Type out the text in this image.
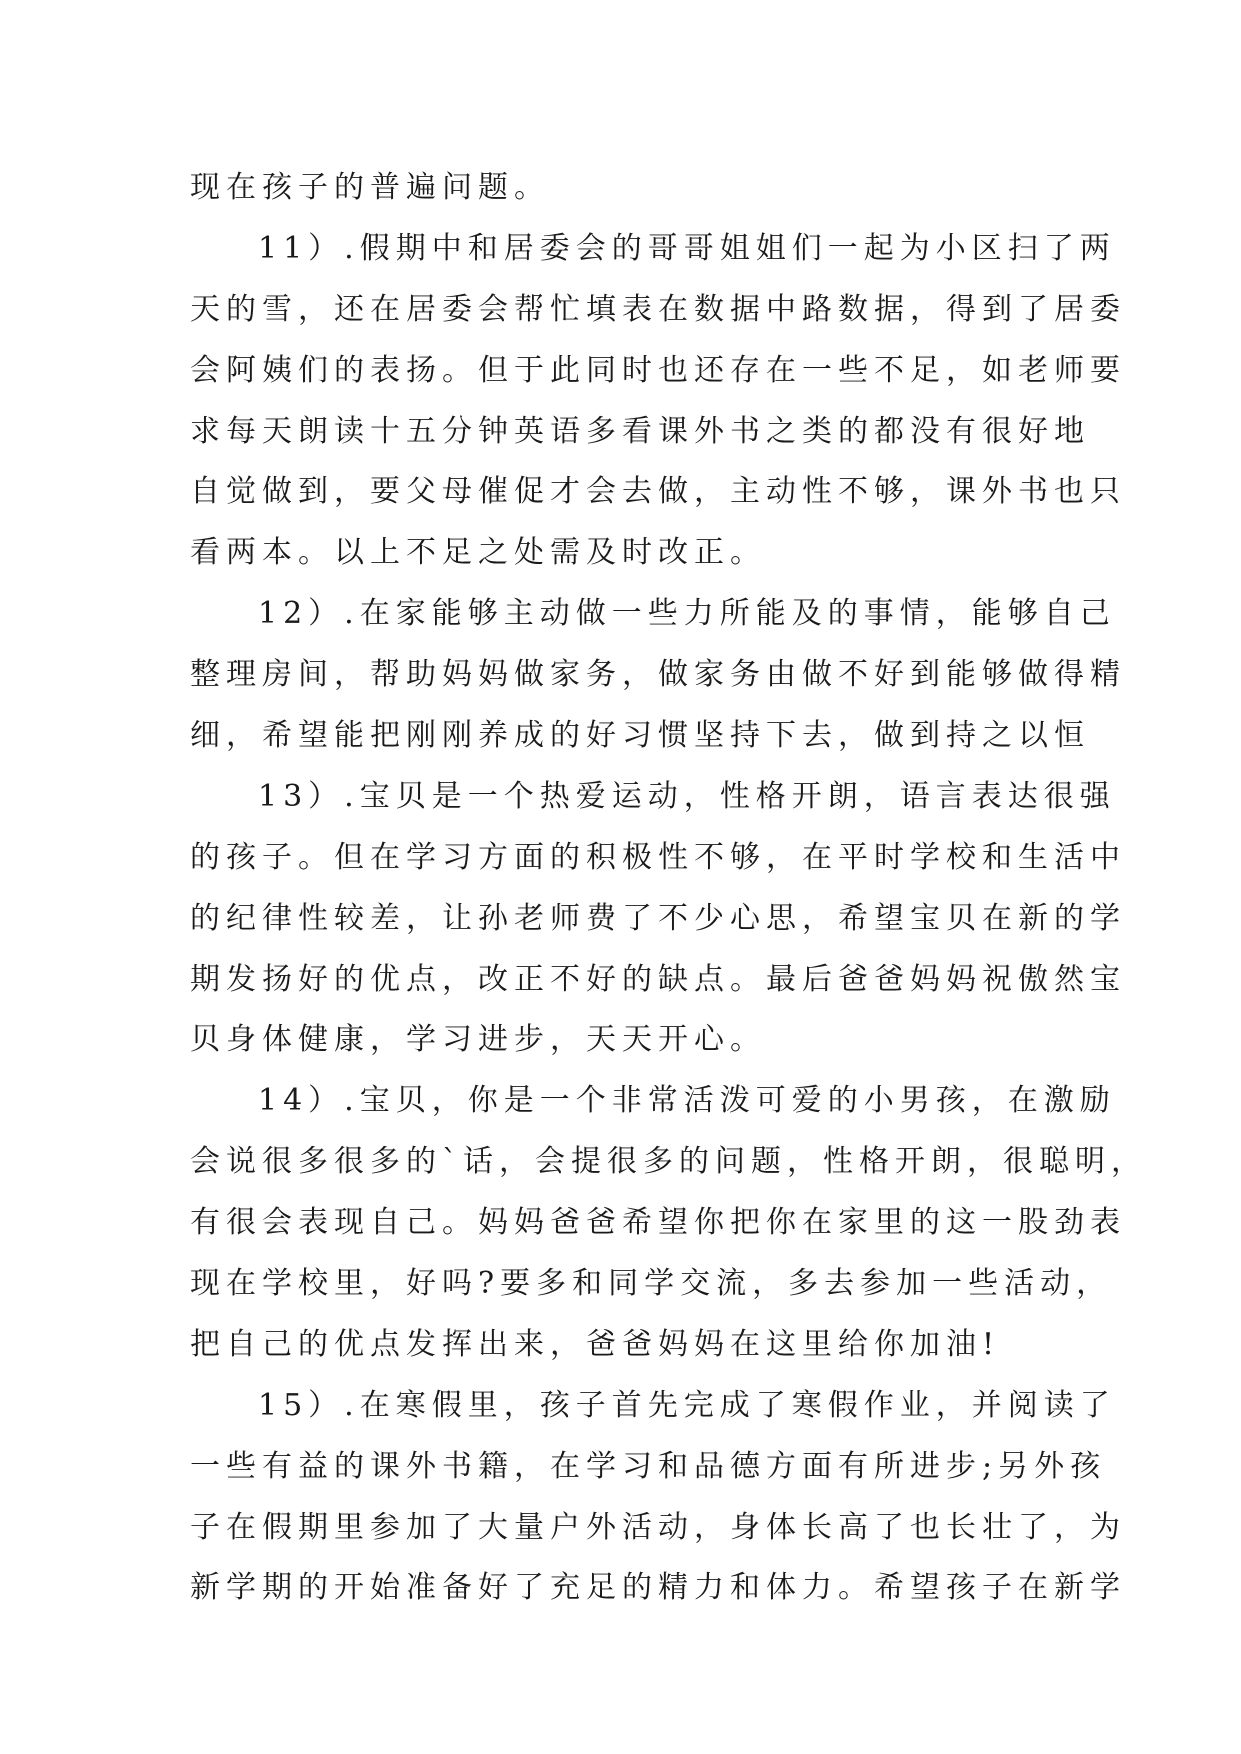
现在孩子的普遍问题。
11）.假期中和居委会的哥哥姐姐们一起为小区扫了两
天的雪，还在居委会帮忙填表在数据中路数据，得到了居委
会阿姨们的表扬。但于此同时也还存在一些不足，如老师要
求每天朗读十五分钟英语多看课外书之类的都没有很好地
自觉做到，要父母催促才会去做，主动性不够，课外书也只
看两本。以上不足之处需及时改正。
12）.在家能够主动做一些力所能及的事情，能够自己
整理房间，帮助妈妈做家务，做家务由做不好到能够做得精
细，希望能把刚刚养成的好习惯坚持下去，做到持之以恒
13）.宝贝是一个热爱运动，性格开朗，语言表达很强
的孩子。但在学习方面的积极性不够，在平时学校和生活中
的纪律性较差，让孙老师费了不少心思，希望宝贝在新的学
期发扬好的优点，改正不好的缺点。最后爸爸妈妈祝傲然宝
贝身体健康，学习进步，天天开心。
14）.宝贝，你是一个非常活泼可爱的小男孩，在激励
会说很多很多的`话，会提很多的问题，性格开朗，很聪明，
有很会表现自己。妈妈爸爸希望你把你在家里的这一股劲表
现在学校里，好吗?要多和同学交流，多去参加一些活动，
把自己的优点发挥出来，爸爸妈妈在这里给你加油!
15）.在寒假里，孩子首先完成了寒假作业，并阅读了
一些有益的课外书籍，在学习和品德方面有所进步;另外孩
子在假期里参加了大量户外活动，身体长高了也长壮了，为
新学期的开始准备好了充足的精力和体力。希望孩子在新学
